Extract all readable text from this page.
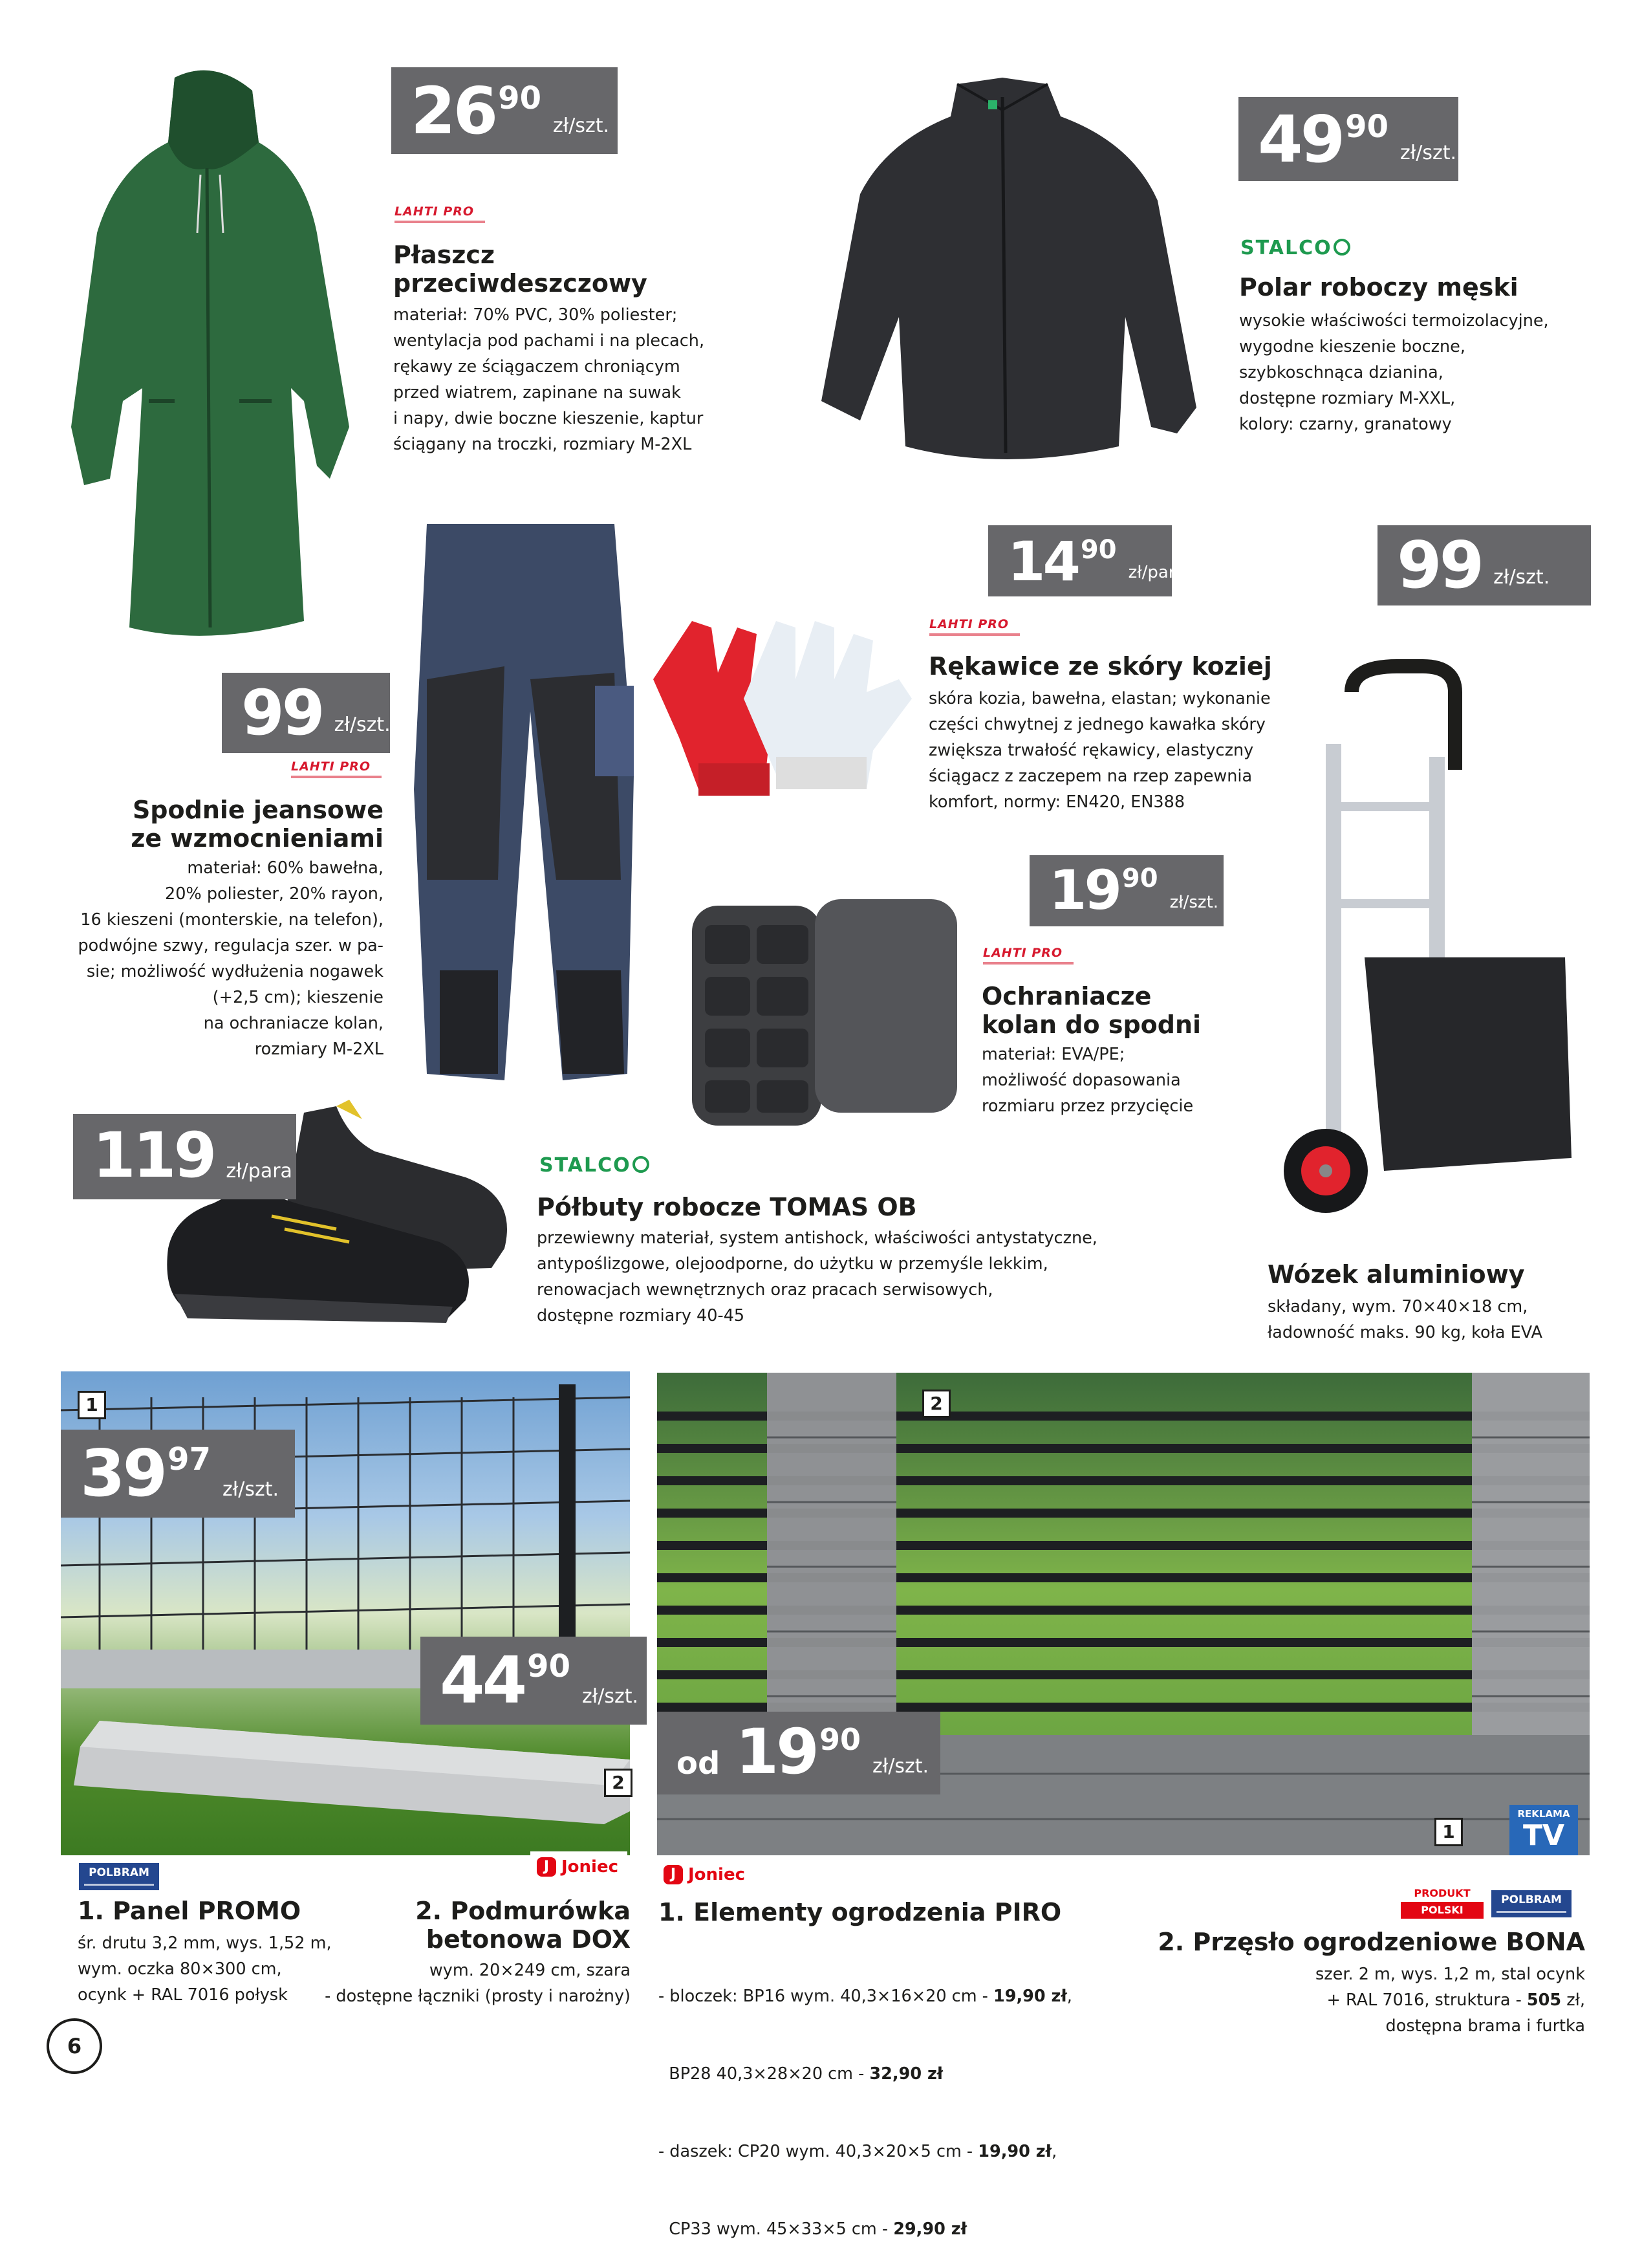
26 90
zł/szt.	49 90
zł/szt.
99 zł/szt.
14 90
zł/para	99 zł/szt.
19 90
zł/szt.
119 zł/para
LAHTI PRO
Płaszcz
przeciwdeszczowy
materiał: 70% PVC, 30% poliester;
wentylacja pod pachami i na plecach,
rękawy ze ściągaczem chroniącym
przed wiatrem, zapinane na suwak
i napy, dwie boczne kieszenie, kaptur
ściągany na troczki, rozmiary M-2XL
STALCO
Polar roboczy męski
wysokie właściwości termoizolacyjne,
wygodne kieszenie boczne,
szybkoschnąca dzianina,
dostępne rozmiary M-XXL,
kolory: czarny, granatowy
LAHTI PRO
Spodnie jeansowe
ze wzmocnieniami
materiał: 60% bawełna,
20% poliester, 20% rayon,
16 kieszeni (monterskie, na telefon),
podwójne szwy, regulacja szer. w pa-
sie; możliwość wydłużenia nogawek
(+2,5 cm); kieszenie
na ochraniacze kolan,
rozmiary M-2XL
LAHTI PRO
Rękawice ze skóry koziej
skóra kozia, bawełna, elastan; wykonanie
części chwytnej z jednego kawałka skóry
zwiększa trwałość rękawicy, elastyczny
ściągacz z zaczepem na rzep zapewnia
komfort, normy: EN420, EN388
LAHTI PRO
Ochraniacze
kolan do spodni
materiał: EVA/PE;
możliwość dopasowania
rozmiaru przez przycięcie
STALCO
Półbuty robocze TOMAS OB
przewiewny materiał, system antishock, właściwości antystatyczne,
antypoślizgowe, olejoodporne, do użytku w przemyśle lekkim,
renowacjach wewnętrznych oraz pracach serwisowych,
dostępne rozmiary 40-45
Wózek aluminiowy
składany, wym. 70×40×18 cm,
ładowność maks. 90 kg, koła EVA
1
2
39 97
zł/szt.
44 90
zł/szt.
POLBRAM	J Joniec
1. Panel PROMO
śr. drutu 3,2 mm, wys. 1,52 m,
wym. oczka 80×300 cm,
ocynk + RAL 7016 połysk
2. Podmurówka
betonowa DOX
wym. 20×249 cm, szara
- dostępne łączniki (prosty i narożny)
2
1
REKLAMA
TV
od 19 90
zł/szt.
J Joniec
PRODUKT
POLSKI
POLBRAM
1. Elementy ogrodzenia PIRO

- bloczek: BP16 wym. 40,3×16×20 cm - 19,90 zł,

BP28 40,3×28×20 cm - 32,90 zł

- daszek: CP20 wym. 40,3×20×5 cm - 19,90 zł,

CP33 wym. 45×33×5 cm - 29,90 zł

2. Przęsło ogrodzeniowe BONA
szer. 2 m, wys. 1,2 m, stal ocynk
+ RAL 7016, struktura - 505 zł,
dostępna brama i furtka
6
